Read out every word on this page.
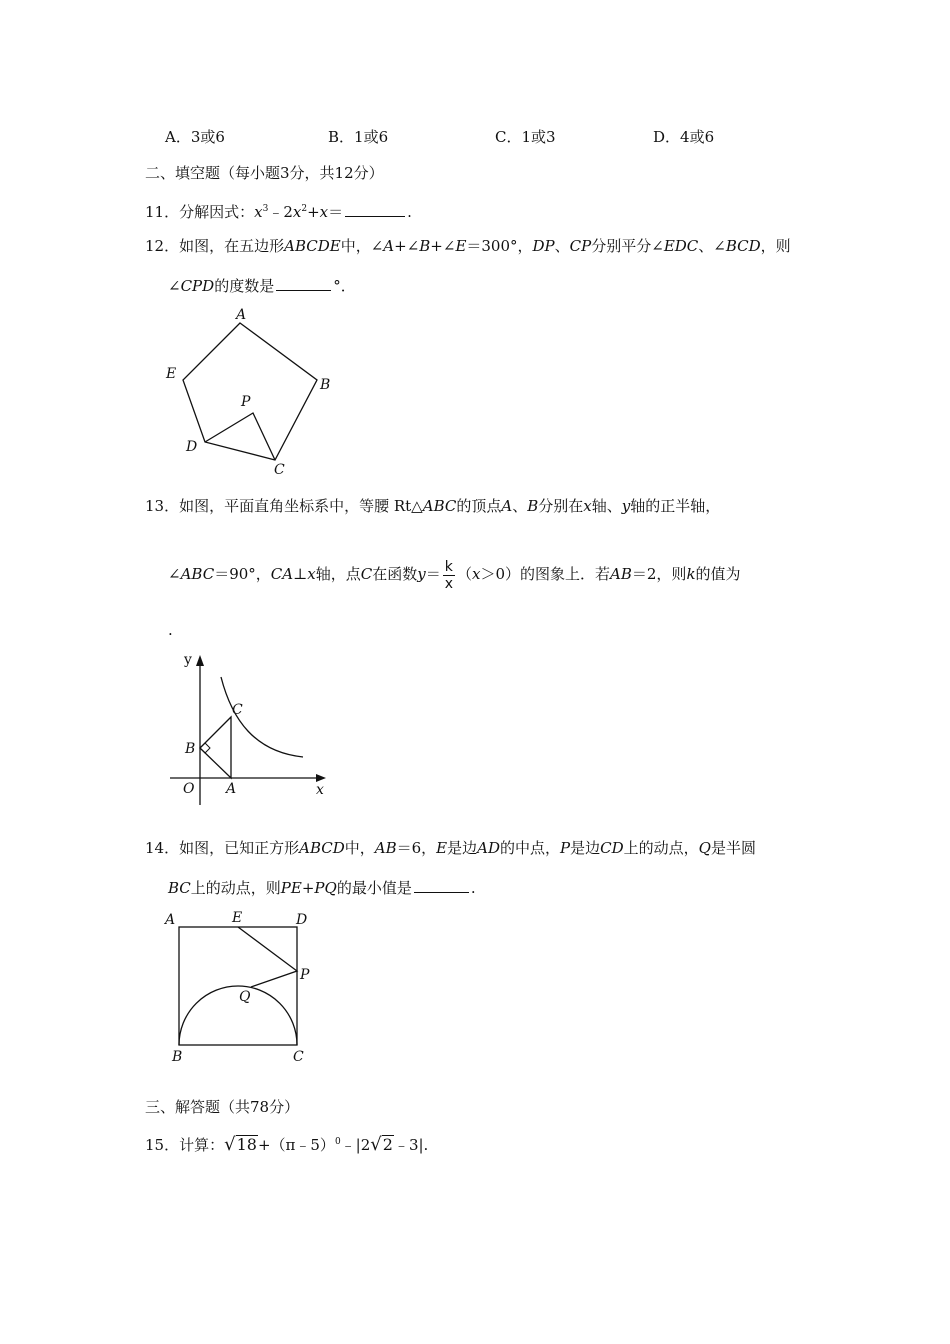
A．3或6	B．1或6	C．1或3	D．4或6
二、填空题（每小题3分，共12分）
11．分解因式：$x^3﹣2x^2+x=$	.
12．如图，在五边形ABCDE中，∠A+∠B+∠E＝300°，DP、CP分别平分∠EDC、∠BCD，则
∠CPD的度数是	°．
A
B
C
D
E
P
13．如图，平面直角坐标系中，等腰 Rt△ABC的顶点A、B分别在x轴、y轴的正半轴，
∠ABC＝90°，CA⊥x轴，点C在函数$y= \frac{k}{x} (x>0)$的图象上．若AB＝2，则k的值为
.
y
x
O A
B
C
14．如图，已知正方形ABCD中，AB＝6，E是边AD的中点，P是边CD上的动点，Q是半圆
BC上的动点，则PE+PQ的最小值是	.
A	E	D
P
Q
B	C
三、解答题（共78分）
15．计算：√18+（π﹣5）$^0$﹣|2√2﹣3|.
